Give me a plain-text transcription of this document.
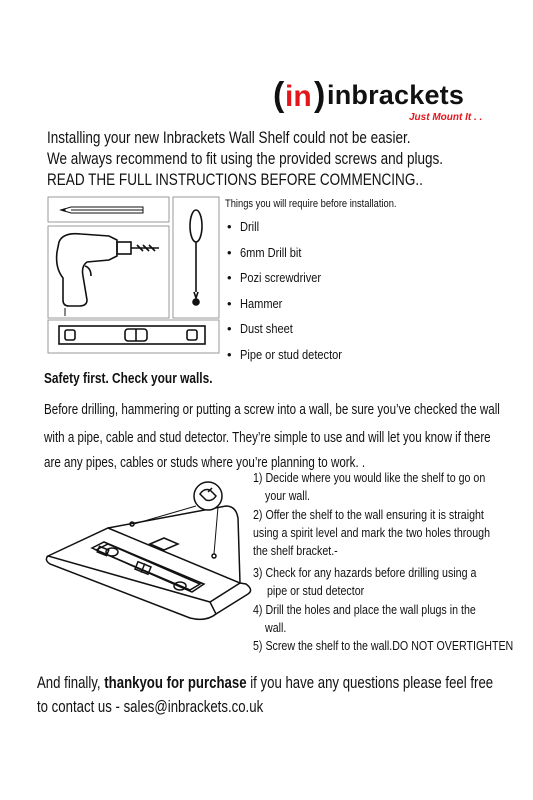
( in ) inbrackets
Just Mount It . .
Installing your new Inbrackets Wall Shelf could not be easier.
We always recommend to fit using the provided screws and plugs.
READ THE FULL INSTRUCTIONS BEFORE COMMENCING..
Things you will require before installation.
• Drill
• 6mm Drill bit
• Pozi screwdriver
• Hammer
• Dust sheet
• Pipe or stud detector
Safety first. Check your walls.
Before drilling, hammering or putting a screw into a wall, be sure you’ve checked the wall
with a pipe, cable and stud detector. They’re simple to use and will let you know if there
are any pipes, cables or studs where you’re planning to work. .
1) Decide where you would like the shelf to go on
your wall.
2) Offer the shelf to the wall ensuring it is straight
using a spirit level and mark the two holes through
the shelf bracket.-
3) Check for any hazards before drilling using a
pipe or stud detector
4) Drill the holes and place the wall plugs in the
wall.
5) Screw the shelf to the wall.DO NOT OVERTIGHTEN
And finally, thankyou for purchase if you have any questions please feel free
to contact us - sales@inbrackets.co.uk
